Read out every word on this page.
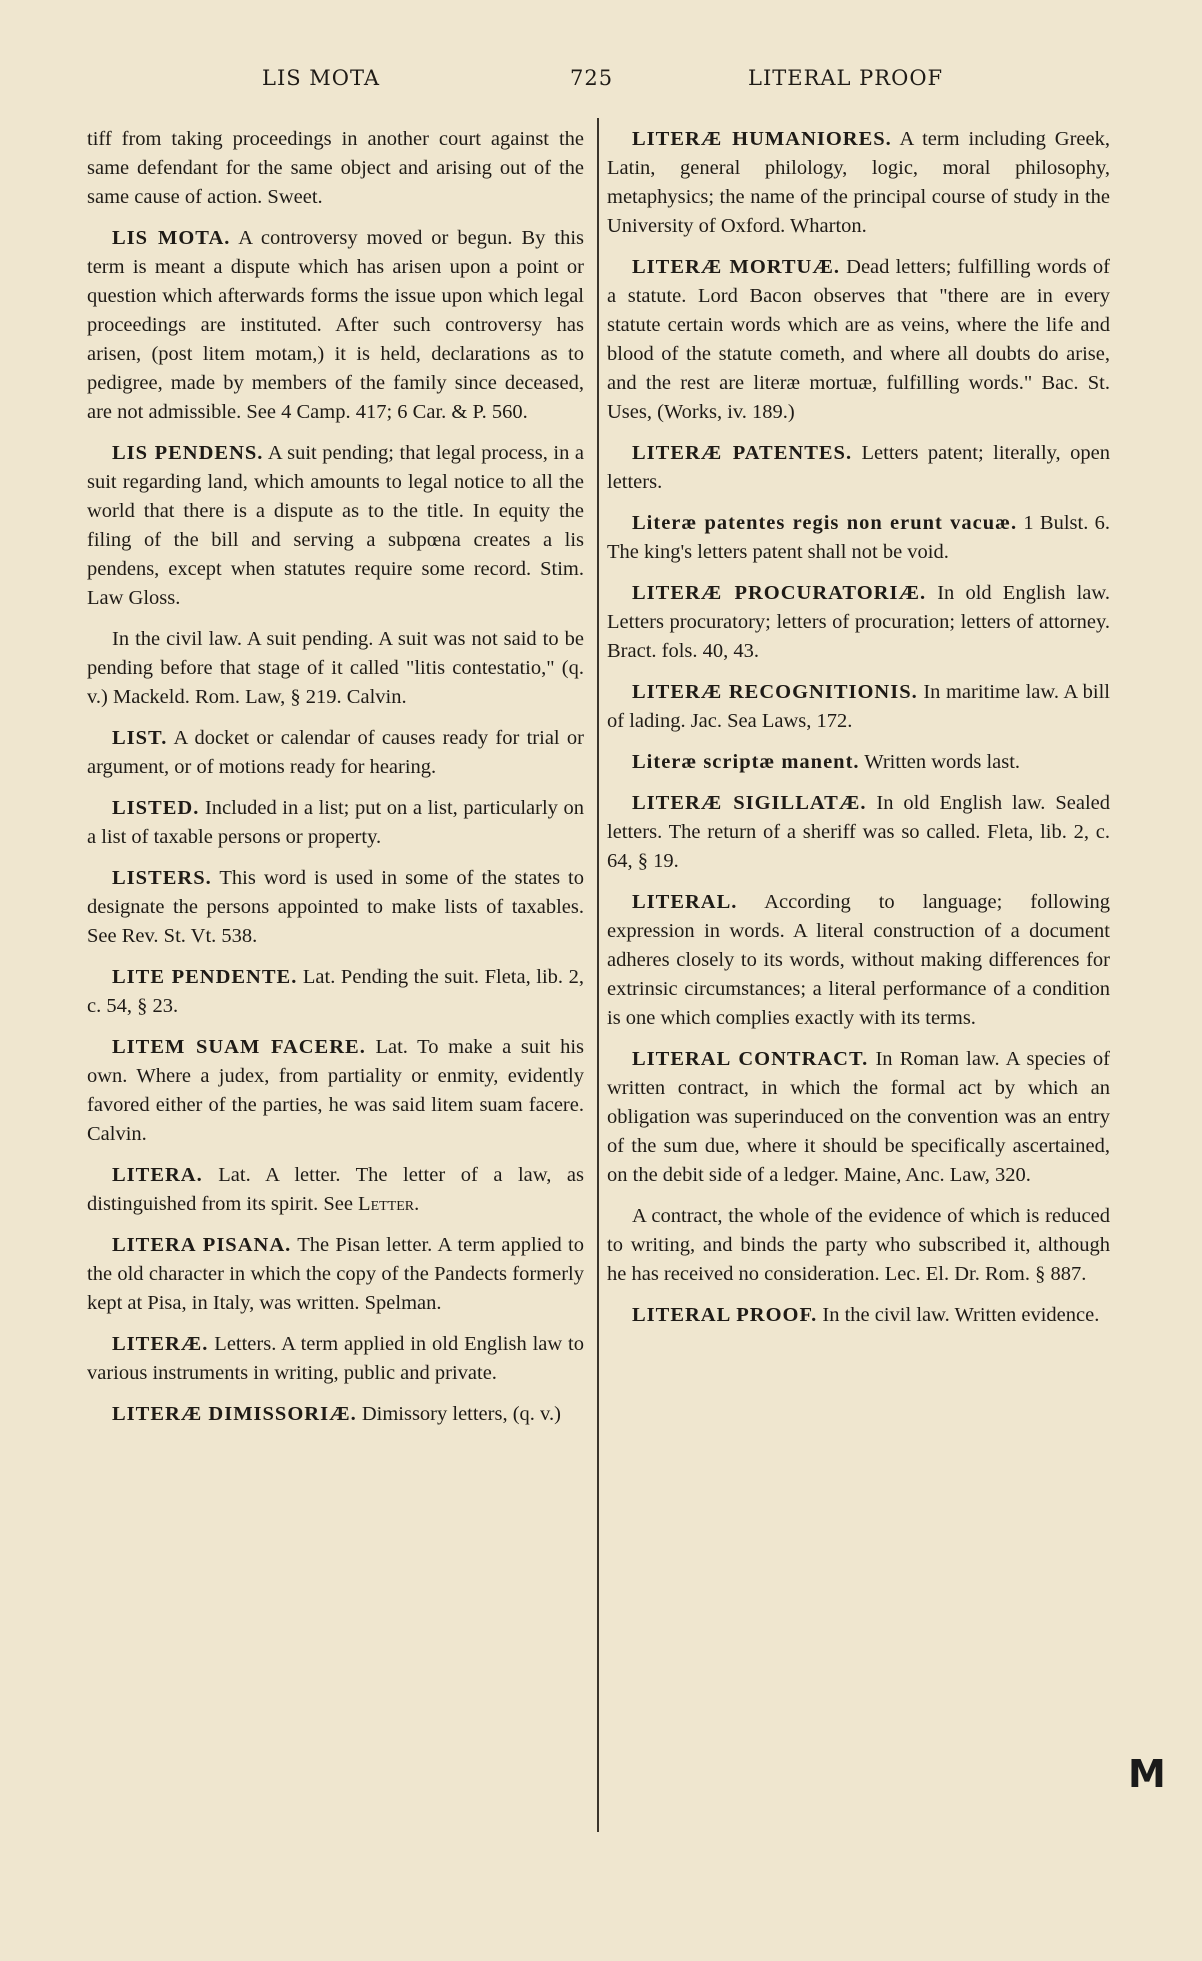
LIS MOTA	725	LITERAL PROOF

tiff from taking proceedings in another court against the same defendant for the same object and arising out of the same cause of action. Sweet.

LIS MOTA. A controversy moved or begun. By this term is meant a dispute which has arisen upon a point or question which afterwards forms the issue upon which legal proceedings are instituted. After such controversy has arisen, (post litem motam,) it is held, declarations as to pedigree, made by members of the family since deceased, are not admissible. See 4 Camp. 417; 6 Car. & P. 560.

LIS PENDENS. A suit pending; that legal process, in a suit regarding land, which amounts to legal notice to all the world that there is a dispute as to the title. In equity the filing of the bill and serving a subpœna creates a lis pendens, except when statutes require some record. Stim. Law Gloss.

In the civil law. A suit pending. A suit was not said to be pending before that stage of it called "litis contestatio," (q. v.) Mackeld. Rom. Law, § 219. Calvin.

LIST. A docket or calendar of causes ready for trial or argument, or of motions ready for hearing.

LISTED. Included in a list; put on a list, particularly on a list of taxable persons or property.

LISTERS. This word is used in some of the states to designate the persons appointed to make lists of taxables. See Rev. St. Vt. 538.

LITE PENDENTE. Lat. Pending the suit. Fleta, lib. 2, c. 54, § 23.

LITEM SUAM FACERE. Lat. To make a suit his own. Where a judex, from partiality or enmity, evidently favored either of the parties, he was said litem suam facere. Calvin.

LITERA. Lat. A letter. The letter of a law, as distinguished from its spirit. See Letter.

LITERA PISANA. The Pisan letter. A term applied to the old character in which the copy of the Pandects formerly kept at Pisa, in Italy, was written. Spelman.

LITERÆ. Letters. A term applied in old English law to various instruments in writing, public and private.

LITERÆ DIMISSORIÆ. Dimissory letters, (q. v.)

LITERÆ HUMANIORES. A term including Greek, Latin, general philology, logic, moral philosophy, metaphysics; the name of the principal course of study in the University of Oxford. Wharton.

LITERÆ MORTUÆ. Dead letters; fulfilling words of a statute. Lord Bacon observes that "there are in every statute certain words which are as veins, where the life and blood of the statute cometh, and where all doubts do arise, and the rest are literæ mortuæ, fulfilling words." Bac. St. Uses, (Works, iv. 189.)

LITERÆ PATENTES. Letters patent; literally, open letters.

Literæ patentes regis non erunt vacuæ. 1 Bulst. 6. The king's letters patent shall not be void.

LITERÆ PROCURATORIÆ. In old English law. Letters procuratory; letters of procuration; letters of attorney. Bract. fols. 40, 43.

LITERÆ RECOGNITIONIS. In maritime law. A bill of lading. Jac. Sea Laws, 172.

Literæ scriptæ manent. Written words last.

LITERÆ SIGILLATÆ. In old English law. Sealed letters. The return of a sheriff was so called. Fleta, lib. 2, c. 64, § 19.

LITERAL. According to language; following expression in words. A literal construction of a document adheres closely to its words, without making differences for extrinsic circumstances; a literal performance of a condition is one which complies exactly with its terms.

LITERAL CONTRACT. In Roman law. A species of written contract, in which the formal act by which an obligation was superinduced on the convention was an entry of the sum due, where it should be specifically ascertained, on the debit side of a ledger. Maine, Anc. Law, 320.

A contract, the whole of the evidence of which is reduced to writing, and binds the party who subscribed it, although he has received no consideration. Lec. El. Dr. Rom. § 887.

LITERAL PROOF. In the civil law. Written evidence.

M
